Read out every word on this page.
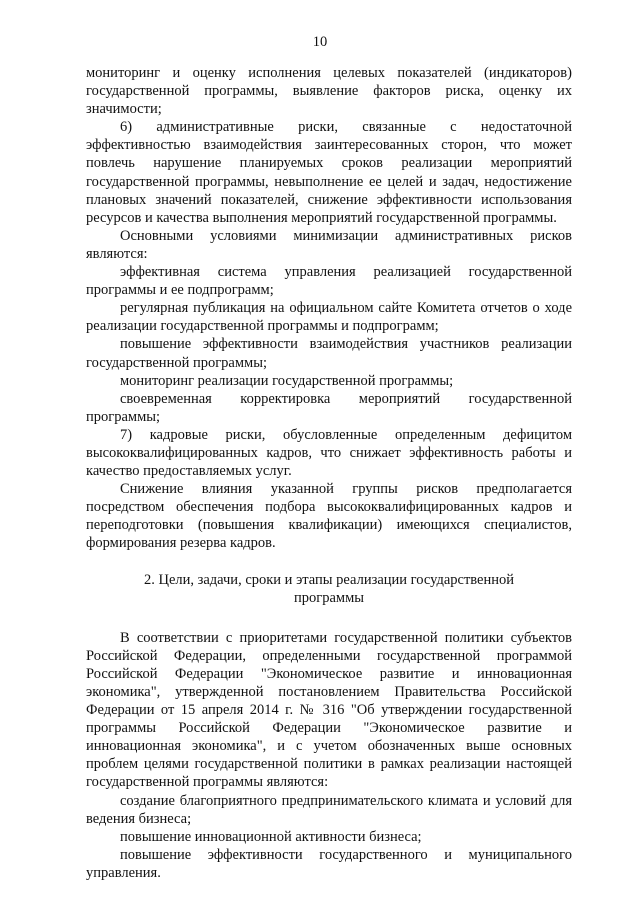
10

мониторинг и оценку исполнения целевых показателей (индикаторов) государственной программы, выявление факторов риска, оценку их значимости;

6) административные риски, связанные с недостаточной эффективностью взаимодействия заинтересованных сторон, что может повлечь нарушение планируемых сроков реализации мероприятий государственной программы, невыполнение ее целей и задач, недостижение плановых значений показателей, снижение эффективности использования ресурсов и качества выполнения мероприятий государственной программы.

Основными условиями минимизации административных рисков являются:

эффективная система управления реализацией государственной программы и ее подпрограмм;

регулярная публикация на официальном сайте Комитета отчетов о ходе реализации государственной программы и подпрограмм;

повышение эффективности взаимодействия участников реализации государственной программы;

мониторинг реализации государственной программы;

своевременная корректировка мероприятий государственной программы;

7) кадровые риски, обусловленные определенным дефицитом высококвалифицированных кадров, что снижает эффективность работы и качество предоставляемых услуг.

Снижение влияния указанной группы рисков предполагается посредством обеспечения подбора высококвалифицированных кадров и переподготовки (повышения квалификации) имеющихся специалистов, формирования резерва кадров.

2. Цели, задачи, сроки и этапы реализации государственной программы

В соответствии с приоритетами государственной политики субъектов Российской Федерации, определенными государственной программой Российской Федерации "Экономическое развитие и инновационная экономика", утвержденной постановлением Правительства Российской Федерации от 15 апреля 2014 г. № 316 "Об утверждении государственной программы Российской Федерации "Экономическое развитие и инновационная экономика", и с учетом обозначенных выше основных проблем целями государственной политики в рамках реализации настоящей государственной программы являются:

создание благоприятного предпринимательского климата и условий для ведения бизнеса;

повышение инновационной активности бизнеса;

повышение эффективности государственного и муниципального управления.
